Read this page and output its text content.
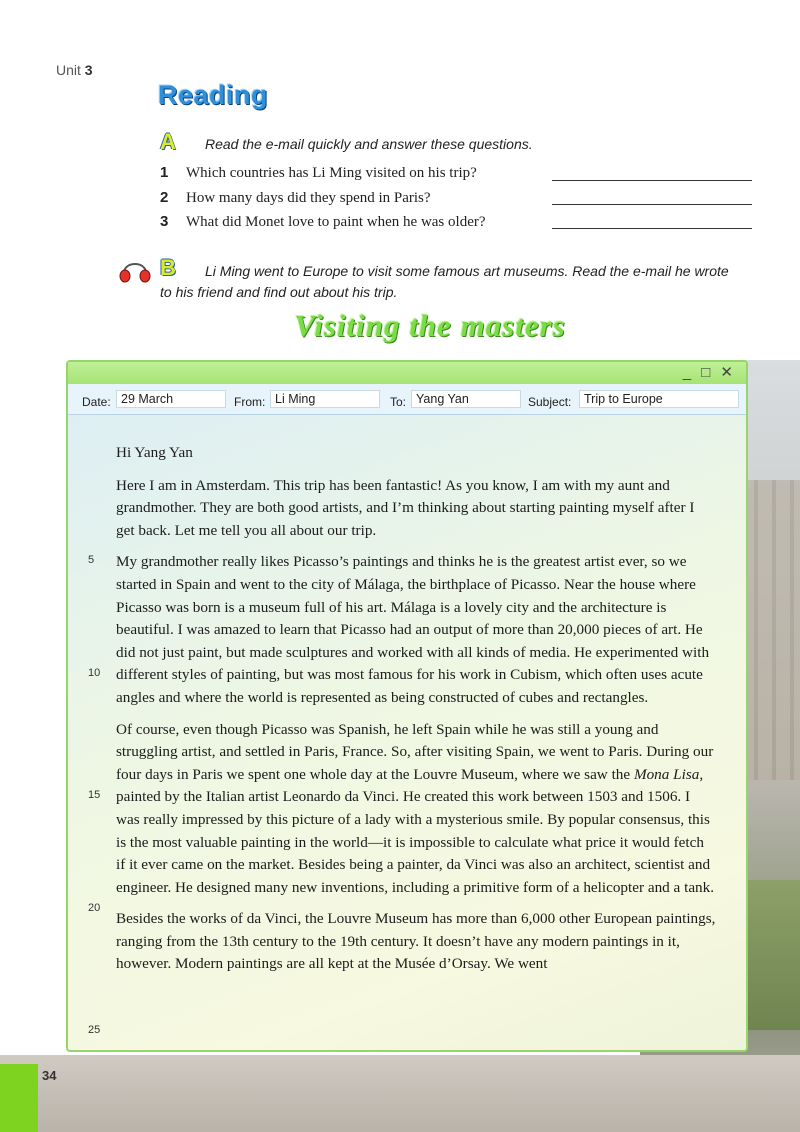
Unit 3
Reading
A	Read the e-mail quickly and answer these questions.
1 Which countries has Li Ming visited on his trip?
2 How many days did they spend in Paris?
3 What did Monet love to paint when he was older?
B	Li Ming went to Europe to visit some famous art museums. Read the e-mail he wrote
to his friend and find out about his trip.
Visiting the masters
_ □ ✕
Date: 29 March	From: Li Ming	To: Yang Yan	Subject:	Trip to Europe

Hi Yang Yan

Here I am in Amsterdam. This trip has been fantastic! As you know, I am with my aunt and grandmother. They are both good artists, and I’m thinking about starting painting myself after I get back. Let me tell you all about our trip.

My grandmother really likes Picasso’s paintings and thinks he is the greatest artist ever, so we started in Spain and went to the city of Málaga, the birthplace of Picasso. Near the house where Picasso was born is a museum full of his art. Málaga is a lovely city and the architecture is beautiful. I was amazed to learn that Picasso had an output of more than 20,000 pieces of art. He did not just paint, but made sculptures and worked with all kinds of media. He experimented with different styles of painting, but was most famous for his work in Cubism, which often uses acute angles and where the world is represented as being constructed of cubes and rectangles.

Of course, even though Picasso was Spanish, he left Spain while he was still a young and struggling artist, and settled in Paris, France. So, after visiting Spain, we went to Paris. During our four days in Paris we spent one whole day at the Louvre Museum, where we saw the Mona Lisa, painted by the Italian artist Leonardo da Vinci. He created this work between 1503 and 1506. I was really impressed by this picture of a lady with a mysterious smile. By popular consensus, this is the most valuable painting in the world—it is impossible to calculate what price it would fetch if it ever came on the market. Besides being a painter, da Vinci was also an architect, scientist and engineer. He designed many new inventions, including a primitive form of a helicopter and a tank.

Besides the works of da Vinci, the Louvre Museum has more than 6,000 other European paintings, ranging from the 13th century to the 19th century. It doesn’t have any modern paintings in it, however. Modern paintings are all kept at the Musée d’Orsay. We went

5
10
15
20
25
34
